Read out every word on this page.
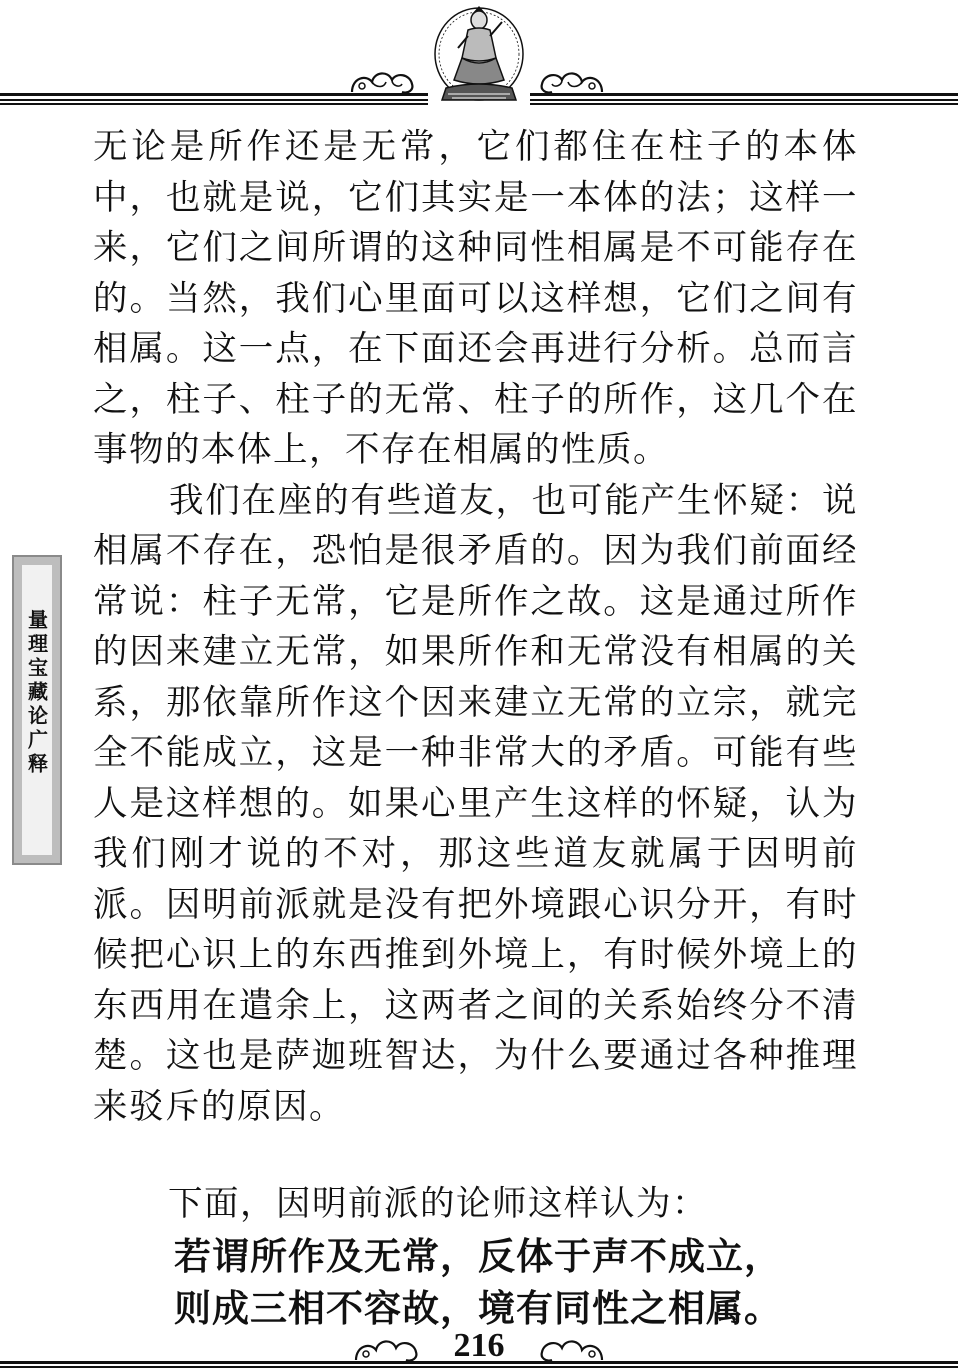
量理宝藏论广释

无论是所作还是无常，它们都住在柱子的本体中，也就是说，它们其实是一本体的法；这样一来，它们之间所谓的这种同性相属是不可能存在的。当然，我们心里面可以这样想，它们之间有相属。这一点，在下面还会再进行分析。总而言之，柱子、柱子的无常、柱子的所作，这几个在事物的本体上，不存在相属的性质。

我们在座的有些道友，也可能产生怀疑：说相属不存在，恐怕是很矛盾的。因为我们前面经常说：柱子无常，它是所作之故。这是通过所作的因来建立无常，如果所作和无常没有相属的关系，那依靠所作这个因来建立无常的立宗，就完全不能成立，这是一种非常大的矛盾。可能有些人是这样想的。如果心里产生这样的怀疑，认为我们刚才说的不对，那这些道友就属于因明前派。因明前派就是没有把外境跟心识分开，有时候把心识上的东西推到外境上，有时候外境上的东西用在遣余上，这两者之间的关系始终分不清楚。这也是萨迦班智达，为什么要通过各种推理来驳斥的原因。

下面，因明前派的论师这样认为：
若谓所作及无常，反体于声不成立，
则成三相不容故，境有同性之相属。
216
